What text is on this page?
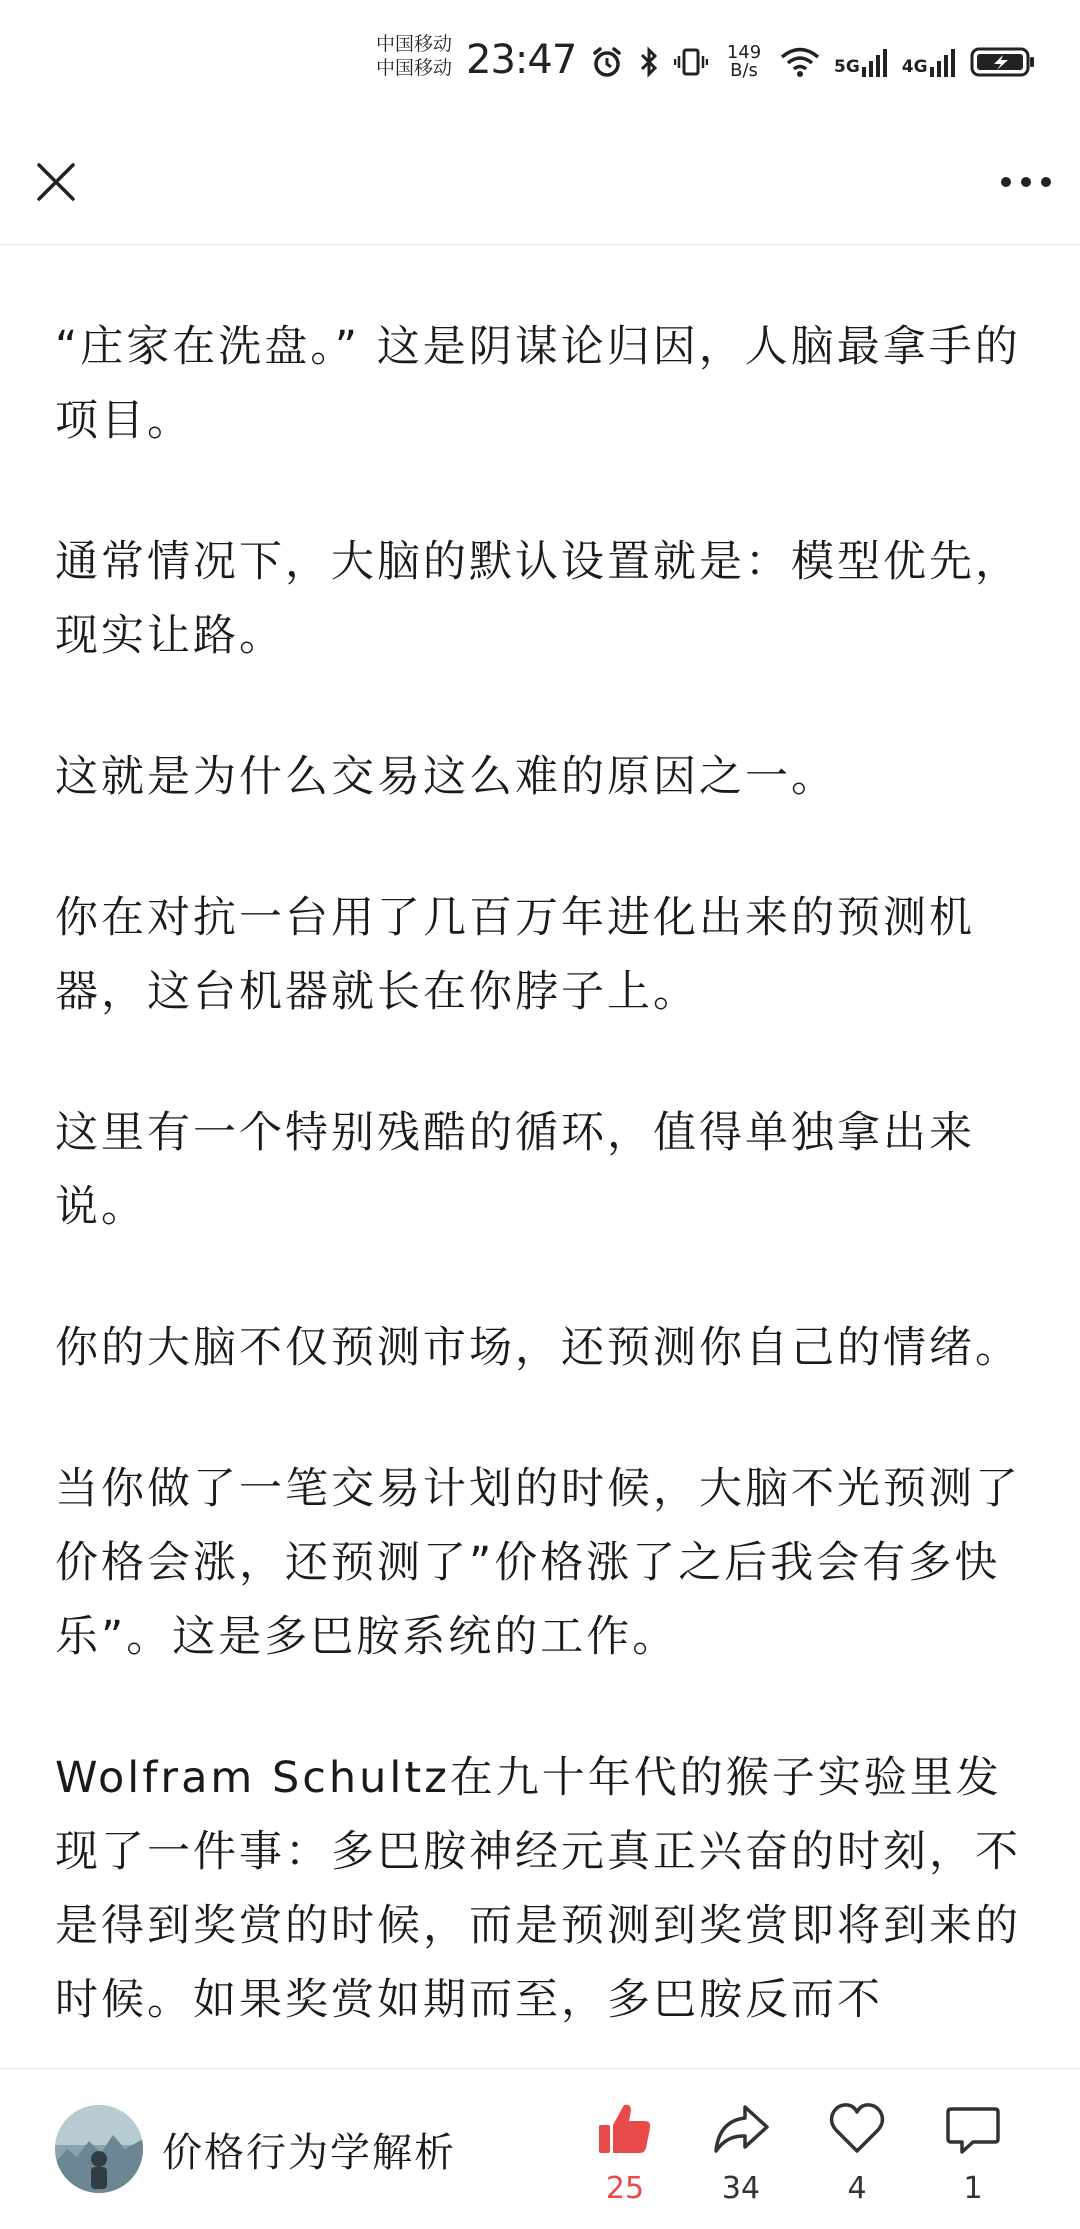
中国移动
中国移动 23:47	149
B/s	5G 4G

“庄家在洗盘。” 这是阴谋论归因，人脑最拿手的项目。

通常情况下，大脑的默认设置就是：模型优先，现实让路。

这就是为什么交易这么难的原因之一。

你在对抗一台用了几百万年进化出来的预测机器，这台机器就长在你脖子上。

这里有一个特别残酷的循环，值得单独拿出来说。

你的大脑不仅预测市场，还预测你自己的情绪。

当你做了一笔交易计划的时候，大脑不光预测了价格会涨，还预测了”价格涨了之后我会有多快乐”。这是多巴胺系统的工作。

Wolfram Schultz在九十年代的猴子实验里发现了一件事：多巴胺神经元真正兴奋的时刻，不是得到奖赏的时候，而是预测到奖赏即将到来的时候。如果奖赏如期而至，多巴胺反而不

价格行为学解析
25	34	4	1
